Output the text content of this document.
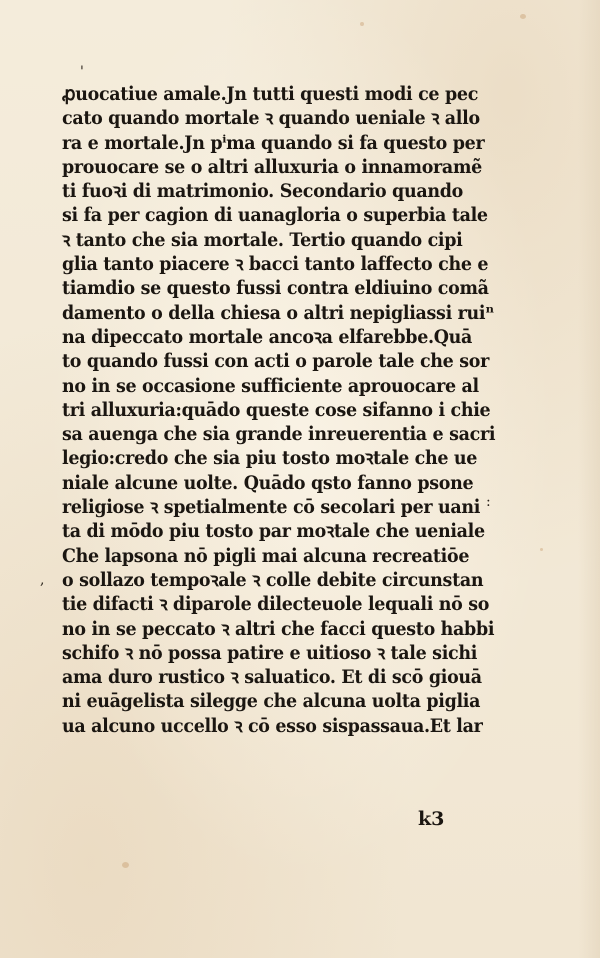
'
,
:
ꝓuocatiue amale.Jn tutti questi modi ce pec
cato quando mortale ꝛ quando ueniale ꝛ allo
ra e mortale.Jn pⁱma quando si fa questo per
prouocare se o altri alluxuria o innamoramẽ
ti fuoꝛi di matrimonio. Secondario quando
si fa per cagion di uanagloria o superbia tale
ꝛ tanto che sia mortale. Tertio quando cipi
glia tanto piacere ꝛ bacci tanto laffecto che e
tiamdio se questo fussi contra eldiuino comã
damento o della chiesa o altri nepigliassi ruiⁿ
na dipeccato mortale ancoꝛa elfarebbe.Quā
to quando fussi con acti o parole tale che sor
no in se occasione sufficiente aprouocare al
tri alluxuria:quādo queste cose sifanno i chie
sa auenga che sia grande inreuerentia e sacri
legio:credo che sia piu tosto moꝛtale che ue
niale alcune uolte. Quādo qsto fanno psone
religiose ꝛ spetialmente cō secolari per uani
ta di mōdo piu tosto par moꝛtale che ueniale
Che lapsona nō pigli mai alcuna recreatiōe
o sollazo tempoꝛale ꝛ colle debite circunstan
tie difacti ꝛ diparole dilecteuole lequali nō so
no in se peccato ꝛ altri che facci questo habbi
schifo ꝛ nō possa patire e uitioso ꝛ tale sichi
ama duro rustico ꝛ saluatico. Et di scō giouā
ni euāgelista silegge che alcuna uolta piglia
ua alcuno uccello ꝛ cō esso sispassaua.Et lar
k3
